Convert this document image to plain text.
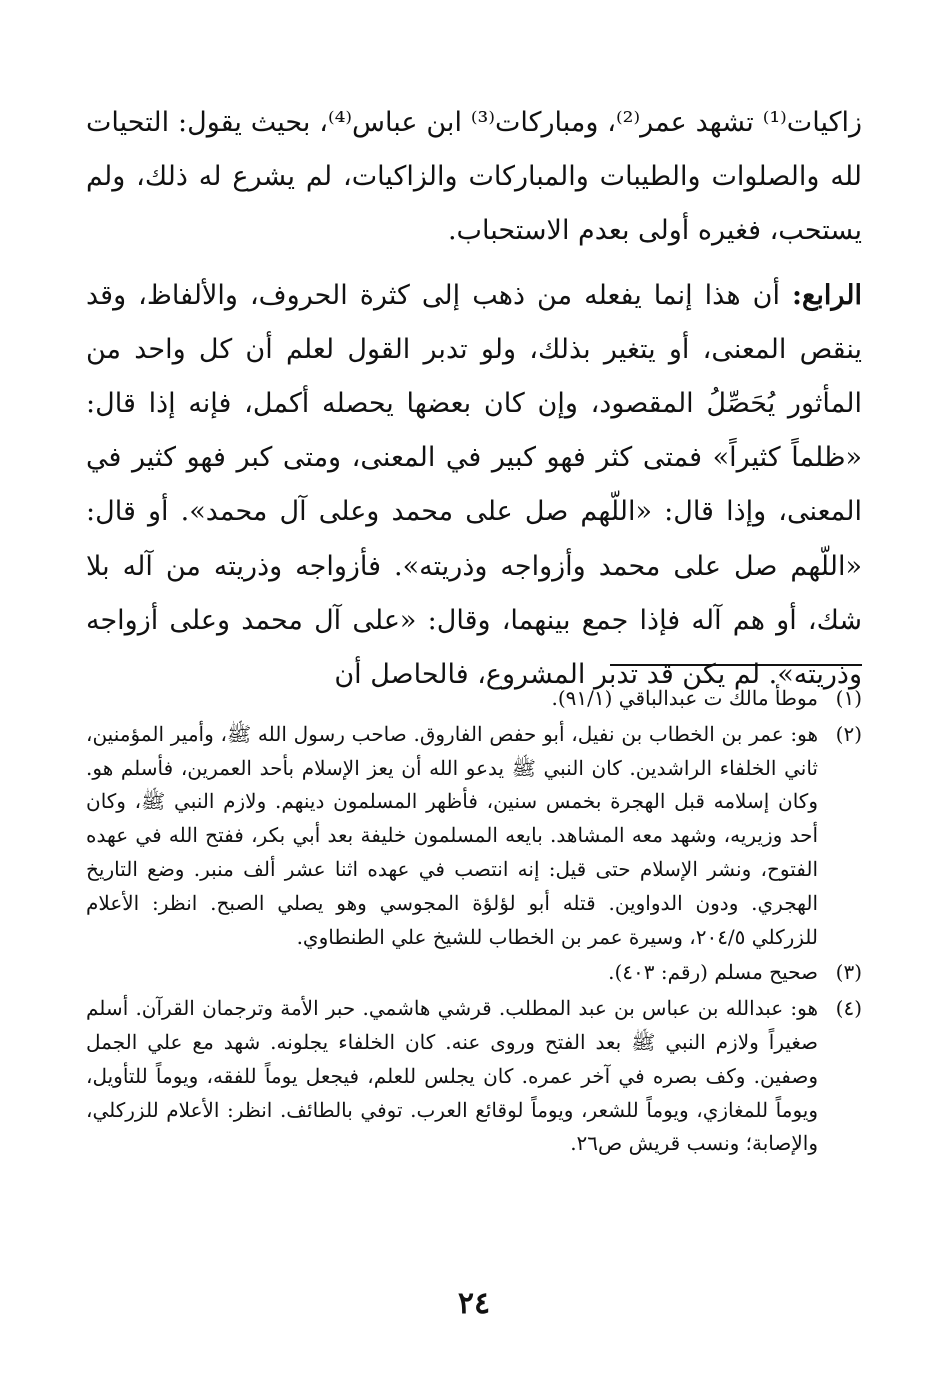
زاكيات⁽¹⁾ تشهد عمر⁽²⁾، ومباركات⁽³⁾ ابن عباس⁽⁴⁾، بحيث يقول: التحيات لله والصلوات والطيبات والمباركات والزاكيات، لم يشرع له ذلك، ولم يستحب، فغيره أولى بعدم الاستحباب.

الرابع: أن هذا إنما يفعله من ذهب إلى كثرة الحروف، والألفاظ، وقد ينقص المعنى، أو يتغير بذلك، ولو تدبر القول لعلم أن كل واحد من المأثور يُحَصِّلُ المقصود، وإن كان بعضها يحصله أكمل، فإنه إذا قال: «ظلماً كثيراً» فمتى كثر فهو كبير في المعنى، ومتى كبر فهو كثير في المعنى، وإذا قال: «اللّهم صل على محمد وعلى آل محمد». أو قال: «اللّهم صل على محمد وأزواجه وذريته». فأزواجه وذريته من آله بلا شك، أو هم آله فإذا جمع بينهما، وقال: «على آل محمد وعلى أزواجه وذريته». لم يكن قد تدبر المشروع، فالحاصل أن

(١)
موطأ مالك ت عبدالباقي (٩١/١).
(٢)
هو: عمر بن الخطاب بن نفيل، أبو حفص الفاروق. صاحب رسول الله ﷺ، وأمير المؤمنين، ثاني الخلفاء الراشدين. كان النبي ﷺ يدعو الله أن يعز الإسلام بأحد العمرين، فأسلم هو. وكان إسلامه قبل الهجرة بخمس سنين، فأظهر المسلمون دينهم. ولازم النبي ﷺ، وكان أحد وزيريه، وشهد معه المشاهد. بايعه المسلمون خليفة بعد أبي بكر، ففتح الله في عهده الفتوح، ونشر الإسلام حتى قيل: إنه انتصب في عهده اثنا عشر ألف منبر. وضع التاريخ الهجري. ودون الدواوين. قتله أبو لؤلؤة المجوسي وهو يصلي الصبح. انظر: الأعلام للزركلي ٢٠٤/٥، وسيرة عمر بن الخطاب للشيخ علي الطنطاوي.
(٣)
صحيح مسلم (رقم: ٤٠٣).
(٤)
هو: عبدالله بن عباس بن عبد المطلب. قرشي هاشمي. حبر الأمة وترجمان القرآن. أسلم صغيراً ولازم النبي ﷺ بعد الفتح وروى عنه. كان الخلفاء يجلونه. شهد مع علي الجمل وصفين. وكف بصره في آخر عمره. كان يجلس للعلم، فيجعل يوماً للفقه، ويوماً للتأويل، ويوماً للمغازي، ويوماً للشعر، ويوماً لوقائع العرب. توفي بالطائف. انظر: الأعلام للزركلي، والإصابة؛ ونسب قريش ص٢٦.
٢٤
